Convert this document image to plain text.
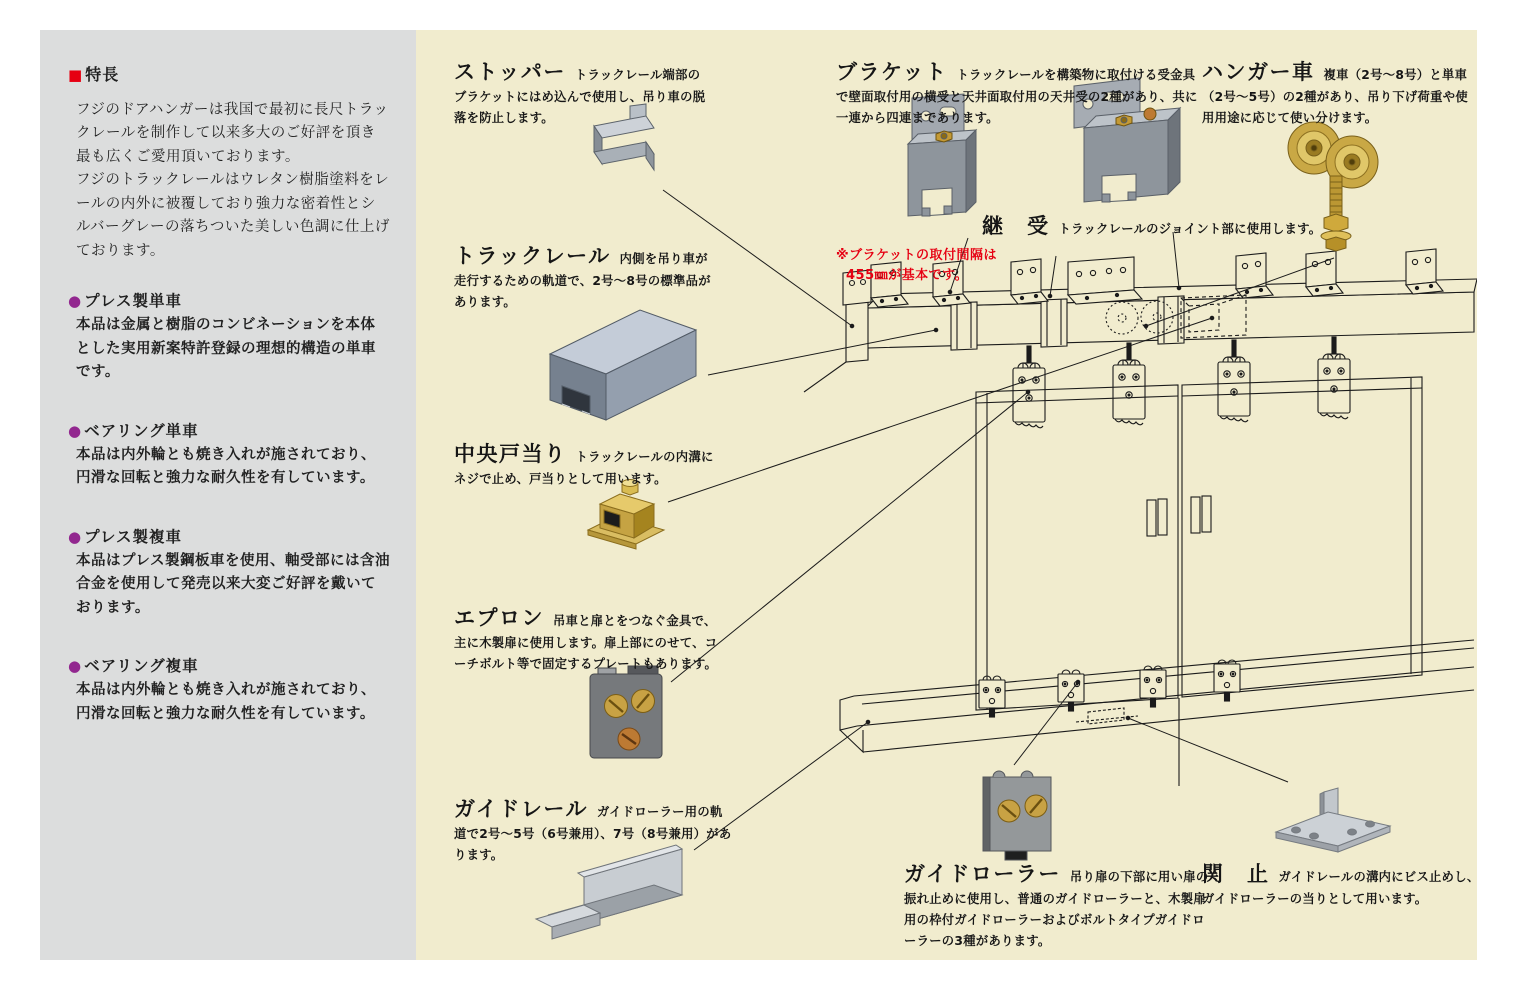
■ 特長

フジのドアハンガーは我国で最初に長尺トラックレールを制作して以来多大のご好評を頂き最も広くご愛用頂いております。

フジのトラックレールはウレタン樹脂塗料をレールの内外に被覆しており強力な密着性とシルバーグレーの落ちついた美しい色調に仕上げております。

● プレス製単車

本品は金属と樹脂のコンビネーションを本体とした実用新案特許登録の理想的構造の単車です。

● ベアリング単車

本品は内外輪とも焼き入れが施されており、円滑な回転と強力な耐久性を有しています。

● プレス製複車

本品はプレス製鋼板車を使用、軸受部には含油合金を使用して発売以来大変ご好評を戴いております。

● ベアリング複車

本品は内外輪とも焼き入れが施されており、円滑な回転と強力な耐久性を有しています。

ストッパー トラックレール端部のブラケットにはめ込んで使用し、吊り車の脱落を防止します。
トラックレール 内側を吊り車が走行するための軌道で、2号〜8号の標準品があります。
中央戸当り トラックレールの内溝にネジで止め、戸当りとして用います。
エプロン 吊車と扉とをつなぐ金具で、主に木製扉に使用します。扉上部にのせて、コーチボルト等で固定するプレートもあります。
ガイドレール ガイドローラー用の軌道で2号〜5号（6号兼用）、7号（8号兼用）があります。
ブラケット トラックレールを構築物に取付ける受金具で壁面取付用の横受と天井面取付用の天井受の2種があり、共に一連から四連まであります。
継　受 トラックレールのジョイント部に使用します。
ハンガー車 複車（2号〜8号）と単車（2号〜5号）の2種があり、吊り下げ荷重や使用用途に応じて使い分けます。
ガイドローラー 吊り扉の下部に用い扉の振れ止めに使用し、普通のガイドローラーと、木製扉用の枠付ガイドローラーおよびボルトタイプガイドローラーの3種があります。
関　止 ガイドレールの溝内にビス止めし、ガイドローラーの当りとして用います。
※ブラケットの取付間隔は
455㎜が基本です。
